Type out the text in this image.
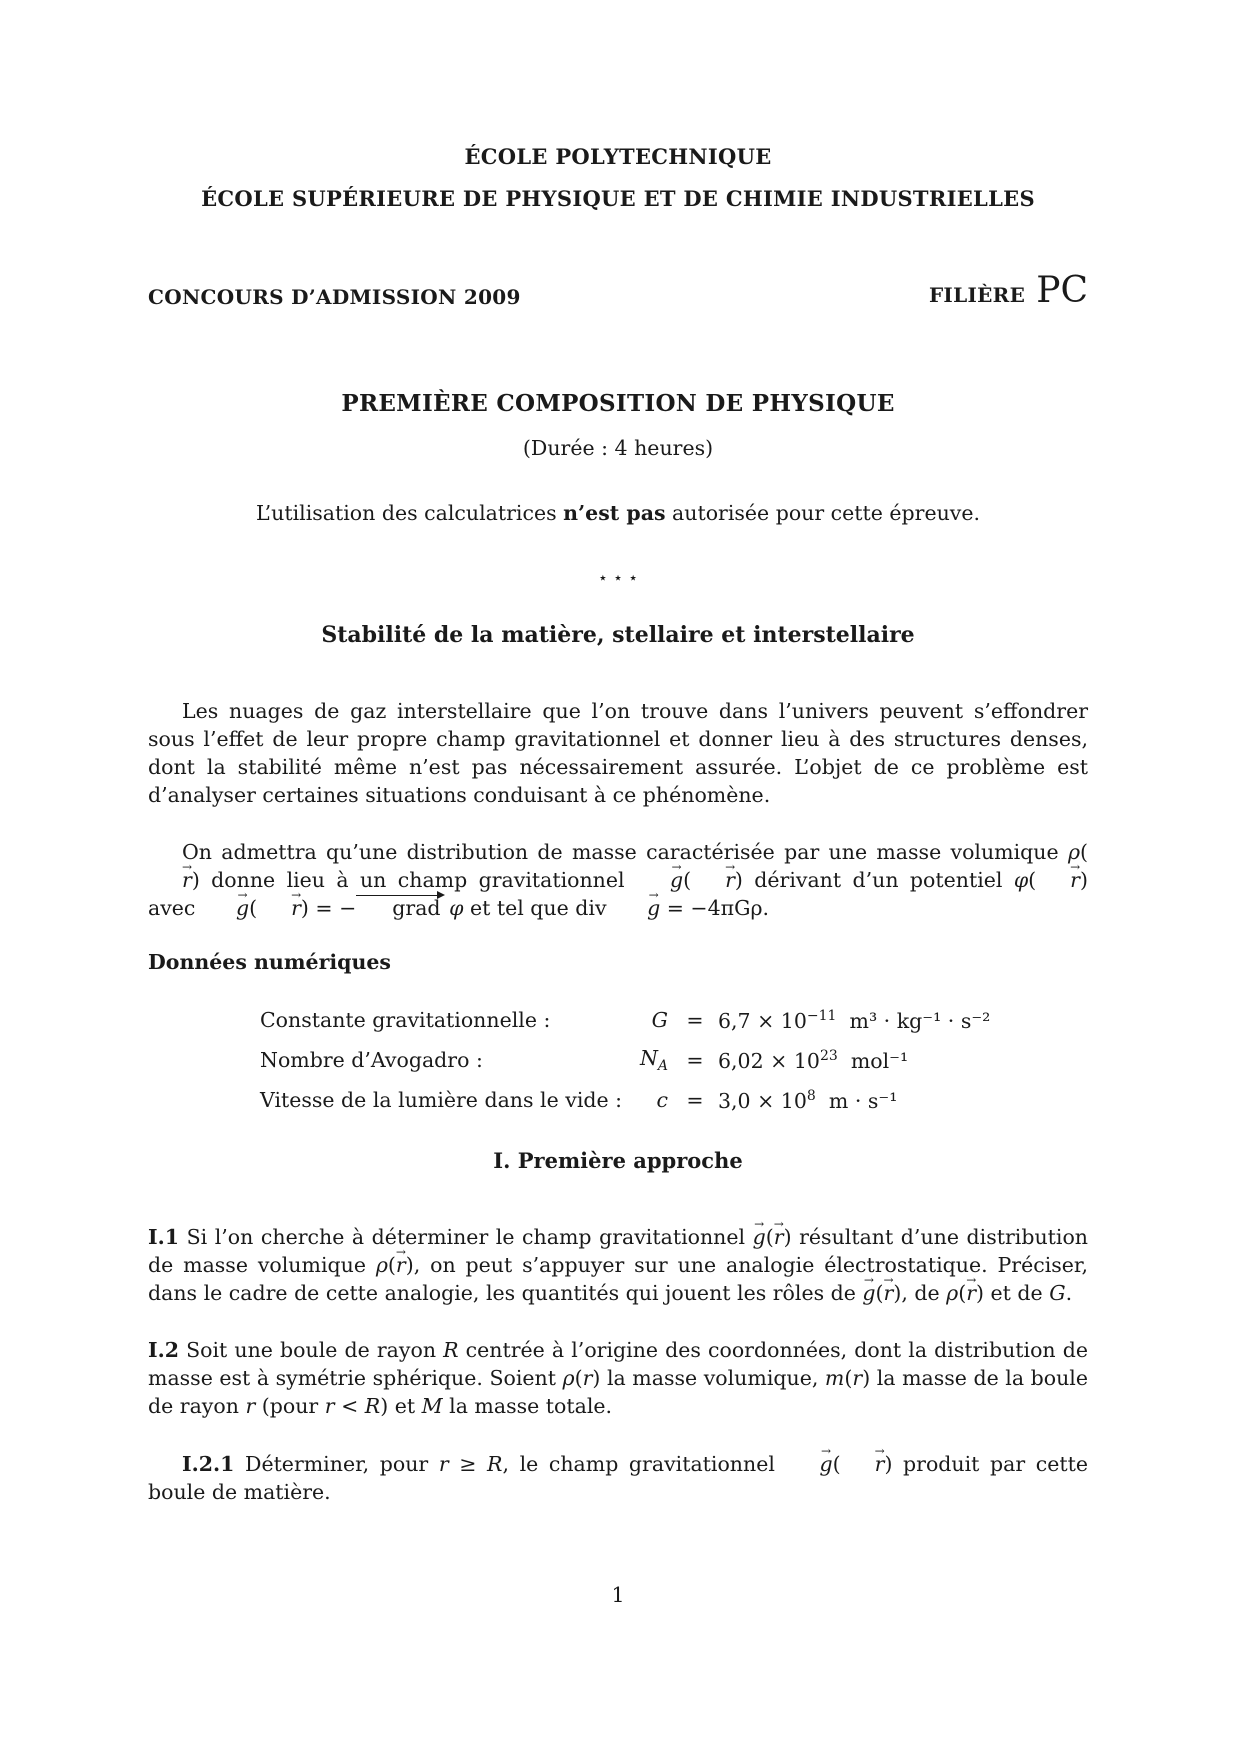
ÉCOLE POLYTECHNIQUE
ÉCOLE SUPÉRIEURE DE PHYSIQUE ET DE CHIMIE INDUSTRIELLES
CONCOURS D’ADMISSION 2009	FILIÈRE PC
PREMIÈRE COMPOSITION DE PHYSIQUE
(Durée : 4 heures)
L’utilisation des calculatrices n’est pas autorisée pour cette épreuve.
⋆ ⋆ ⋆
Stabilité de la matière, stellaire et interstellaire
Les nuages de gaz interstellaire que l’on trouve dans l’univers peuvent s’effondrer sous l’effet de leur propre champ gravitationnel et donner lieu à des structures denses, dont la stabilité même n’est pas nécessairement assurée. L’objet de ce problème est d’analyser certaines situations conduisant à ce phénomène.
On admettra qu’une distribution de masse caractérisée par une masse volumique ρ(r →) donne lieu à un champ gravitationnel g →( r →) dérivant d’un potentiel φ( r →) avec g →( r →) = − grad φ et tel que div g → = −4πGρ.
Données numériques
Constante gravitationnelle :	G	=	$6,7 \times 10^{-11}$ m³ · kg⁻¹ · s⁻²
Nombre d’Avogadro :	$N_A$	=	$6,02 \times 10^{23}$ mol⁻¹
Vitesse de la lumière dans le vide :	c	=	$3,0 \times 10^8$ m · s⁻¹
I. Première approche
I.1 Si l’on cherche à déterminer le champ gravitationnel g →(r →) résultant d’une distribution de masse volumique ρ(r →), on peut s’appuyer sur une analogie électrostatique. Préciser, dans le cadre de cette analogie, les quantités qui jouent les rôles de g →(r →), de ρ(r →) et de G.
I.2 Soit une boule de rayon R centrée à l’origine des coordonnées, dont la distribution de masse est à symétrie sphérique. Soient ρ(r) la masse volumique, m(r) la masse de la boule de rayon r (pour r < R) et M la masse totale.
I.2.1 Déterminer, pour r ≥ R, le champ gravitationnel g →( r →) produit par cette boule de matière.
1
